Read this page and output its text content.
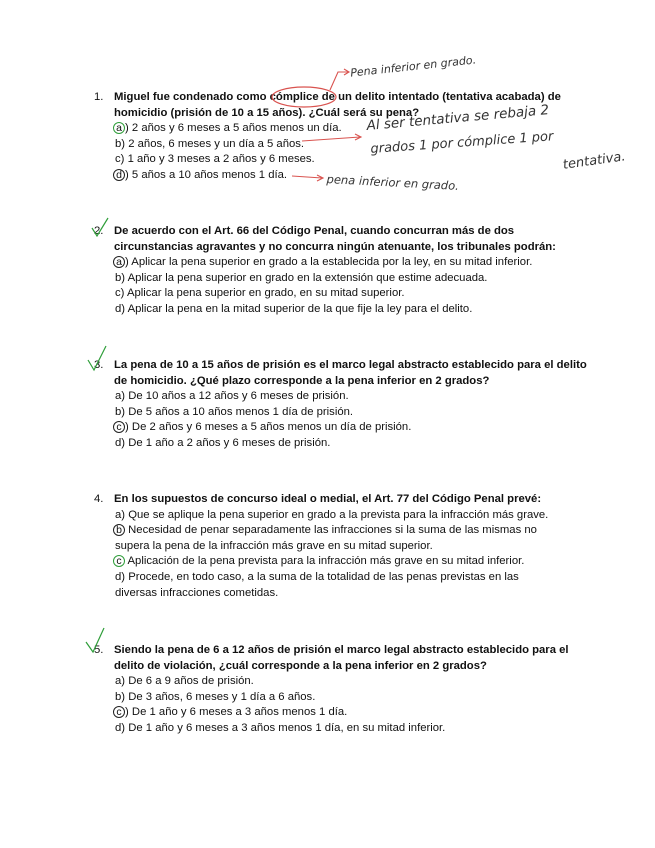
1. Miguel fue condenado como cómplice de un delito intentado (tentativa acabada) de homicidio (prisión de 10 a 15 años). ¿Cuál será su pena?
a ) 2 años y 6 meses a 5 años menos un día.
b) 2 años, 6 meses y un día a 5 años.
c) 1 año y 3 meses a 2 años y 6 meses.
d ) 5 años a 10 años menos 1 día.
2. De acuerdo con el Art. 66 del Código Penal, cuando concurran más de dos circunstancias agravantes y no concurra ningún atenuante, los tribunales podrán:
a ) Aplicar la pena superior en grado a la establecida por la ley, en su mitad inferior.
b) Aplicar la pena superior en grado en la extensión que estime adecuada.
c) Aplicar la pena superior en grado, en su mitad superior.
d) Aplicar la pena en la mitad superior de la que fije la ley para el delito.
3. La pena de 10 a 15 años de prisión es el marco legal abstracto establecido para el delito de homicidio. ¿Qué plazo corresponde a la pena inferior en 2 grados?
a) De 10 años a 12 años y 6 meses de prisión.
b) De 5 años a 10 años menos 1 día de prisión.
c ) De 2 años y 6 meses a 5 años menos un día de prisión.
d) De 1 año a 2 años y 6 meses de prisión.
4. En los supuestos de concurso ideal o medial, el Art. 77 del Código Penal prevé:
a) Que se aplique la pena superior en grado a la prevista para la infracción más grave.
b Necesidad de penar separadamente las infracciones si la suma de las mismas no supera la pena de la infracción más grave en su mitad superior.
c Aplicación de la pena prevista para la infracción más grave en su mitad inferior.
d) Procede, en todo caso, a la suma de la totalidad de las penas previstas en las diversas infracciones cometidas.
5. Siendo la pena de 6 a 12 años de prisión el marco legal abstracto establecido para el delito de violación, ¿cuál corresponde a la pena inferior en 2 grados?
a) De 6 a 9 años de prisión.
b) De 3 años, 6 meses y 1 día a 6 años.
c ) De 1 año y 6 meses a 3 años menos 1 día.
d) De 1 año y 6 meses a 3 años menos 1 día, en su mitad inferior.
Pena inferior en grado.
Al ser tentativa se rebaja 2
grados 1 por cómplice 1 por
tentativa.
pena inferior en grado.
